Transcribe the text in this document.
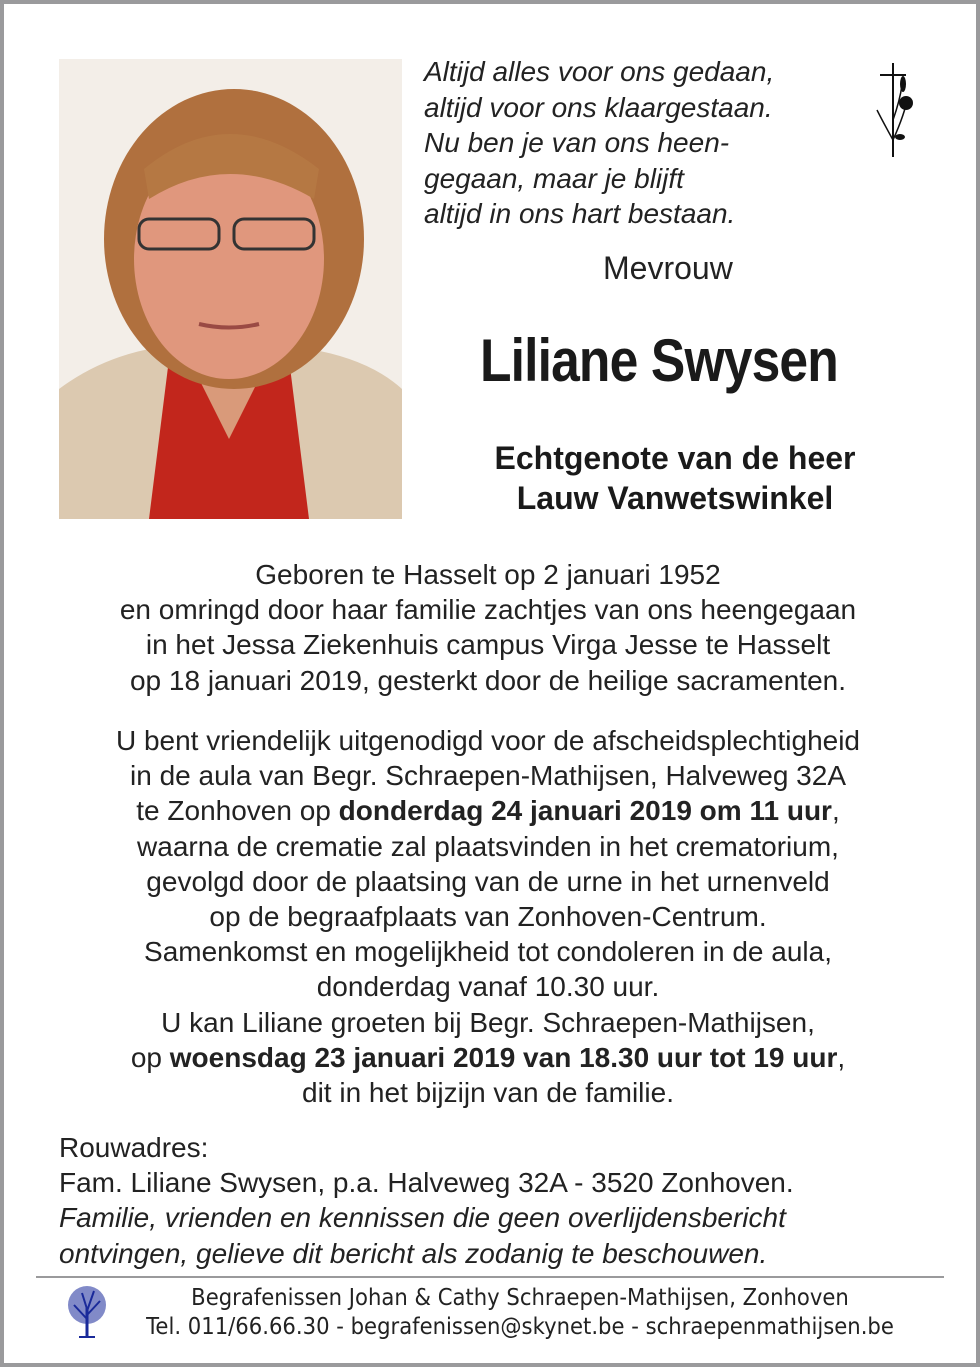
Altijd alles voor ons gedaan,
altijd voor ons klaargestaan.
Nu ben je van ons heen-
gegaan, maar je blijft
altijd in ons hart bestaan.
Mevrouw
Liliane Swysen
Echtgenote van de heer
Lauw Vanwetswinkel
Geboren te Hasselt op 2 januari 1952
en omringd door haar familie zachtjes van ons heengegaan
in het Jessa Ziekenhuis campus Virga Jesse te Hasselt
op 18 januari 2019, gesterkt door de heilige sacramenten.
U bent vriendelijk uitgenodigd voor de afscheidsplechtigheid
in de aula van Begr. Schraepen-Mathijsen, Halveweg 32A
te Zonhoven op donderdag 24 januari 2019 om 11 uur,
waarna de crematie zal plaatsvinden in het crematorium,
gevolgd door de plaatsing van de urne in het urnenveld
op de begraafplaats van Zonhoven-Centrum.
Samenkomst en mogelijkheid tot condoleren in de aula,
donderdag vanaf 10.30 uur.
U kan Liliane groeten bij Begr. Schraepen-Mathijsen,
op woensdag 23 januari 2019 van 18.30 uur tot 19 uur,
dit in het bijzijn van de familie.
Rouwadres:
Fam. Liliane Swysen, p.a. Halveweg 32A - 3520 Zonhoven.
Familie, vrienden en kennissen die geen overlijdensbericht
ontvingen, gelieve dit bericht als zodanig te beschouwen.
Begrafenissen Johan & Cathy Schraepen-Mathijsen, Zonhoven
Tel. 011/66.66.30 - begrafenissen@skynet.be - schraepenmathijsen.be
